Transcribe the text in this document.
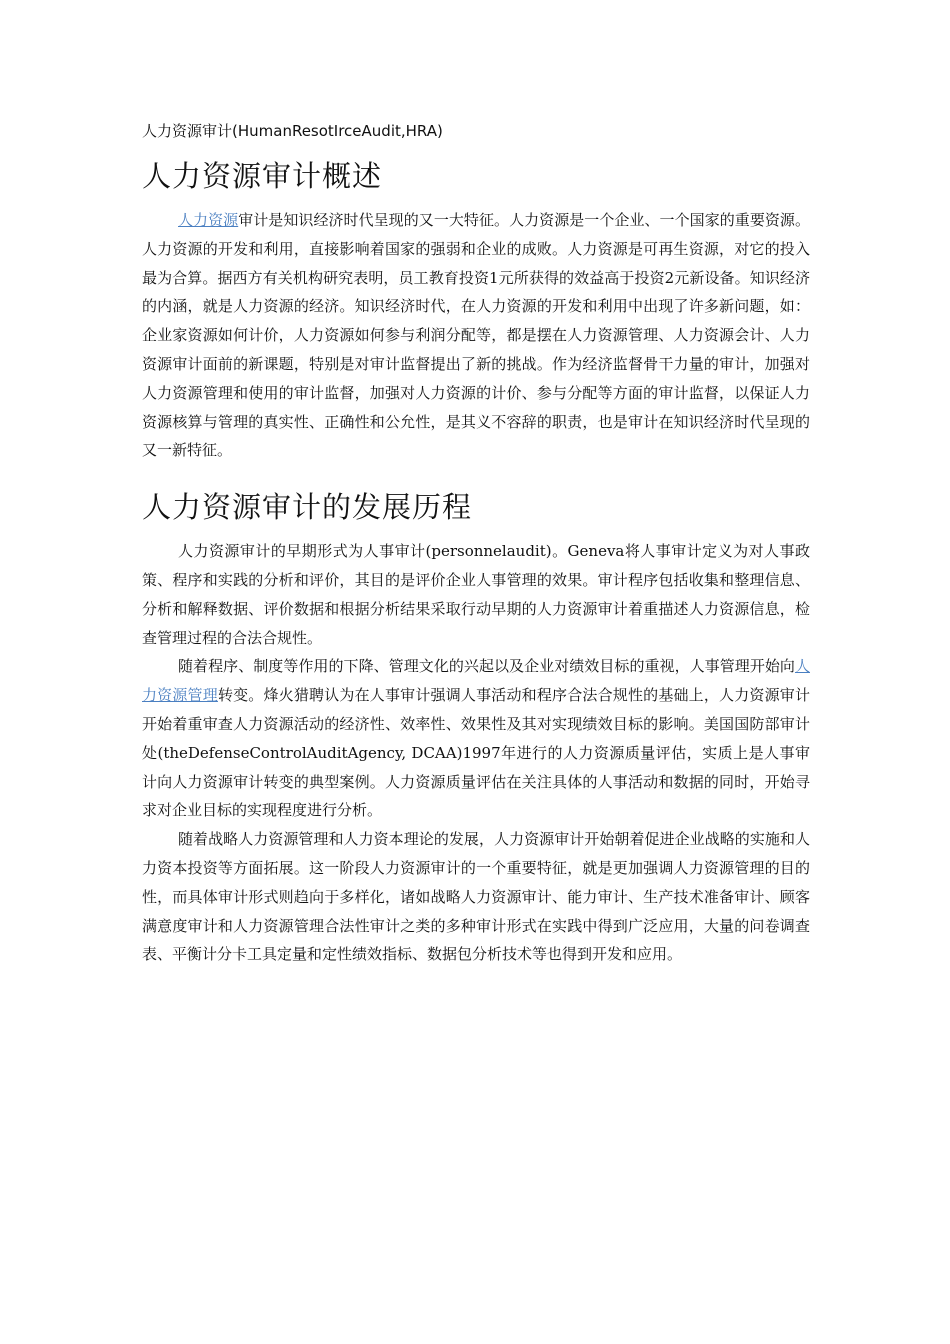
人力资源审计(HumanResotIrceAudit,HRA)
人力资源审计概述

人力资源审计是知识经济时代呈现的又一大特征。人力资源是一个企业、一个国家的重要资源。人力资源的开发和利用，直接影响着国家的强弱和企业的成败。人力资源是可再生资源，对它的投入最为合算。据西方有关机构研究表明，员工教育投资1元所获得的效益高于投资2元新设备。知识经济的内涵，就是人力资源的经济。知识经济时代，在人力资源的开发和利用中出现了许多新问题，如：企业家资源如何计价，人力资源如何参与利润分配等，都是摆在人力资源管理、人力资源会计、人力资源审计面前的新课题，特别是对审计监督提出了新的挑战。作为经济监督骨干力量的审计，加强对人力资源管理和使用的审计监督，加强对人力资源的计价、参与分配等方面的审计监督，以保证人力资源核算与管理的真实性、正确性和公允性，是其义不容辞的职责，也是审计在知识经济时代呈现的又一新特征。

人力资源审计的发展历程

人力资源审计的早期形式为人事审计(personnelaudit)。Geneva将人事审计定义为对人事政策、程序和实践的分析和评价，其目的是评价企业人事管理的效果。审计程序包括收集和整理信息、分析和解释数据、评价数据和根据分析结果采取行动早期的人力资源审计着重描述人力资源信息，检查管理过程的合法合规性。

随着程序、制度等作用的下降、管理文化的兴起以及企业对绩效目标的重视，人事管理开始向人力资源管理转变。烽火猎聘认为在人事审计强调人事活动和程序合法合规性的基础上，人力资源审计开始着重审查人力资源活动的经济性、效率性、效果性及其对实现绩效目标的影响。美国国防部审计处(theDefenseControlAuditAgency, DCAA)1997年进行的人力资源质量评估，实质上是人事审计向人力资源审计转变的典型案例。人力资源质量评估在关注具体的人事活动和数据的同时，开始寻求对企业目标的实现程度进行分析。

随着战略人力资源管理和人力资本理论的发展，人力资源审计开始朝着促进企业战略的实施和人力资本投资等方面拓展。这一阶段人力资源审计的一个重要特征，就是更加强调人力资源管理的目的性，而具体审计形式则趋向于多样化，诸如战略人力资源审计、能力审计、生产技术准备审计、顾客满意度审计和人力资源管理合法性审计之类的多种审计形式在实践中得到广泛应用，大量的问卷调查表、平衡计分卡工具定量和定性绩效指标、数据包分析技术等也得到开发和应用。
